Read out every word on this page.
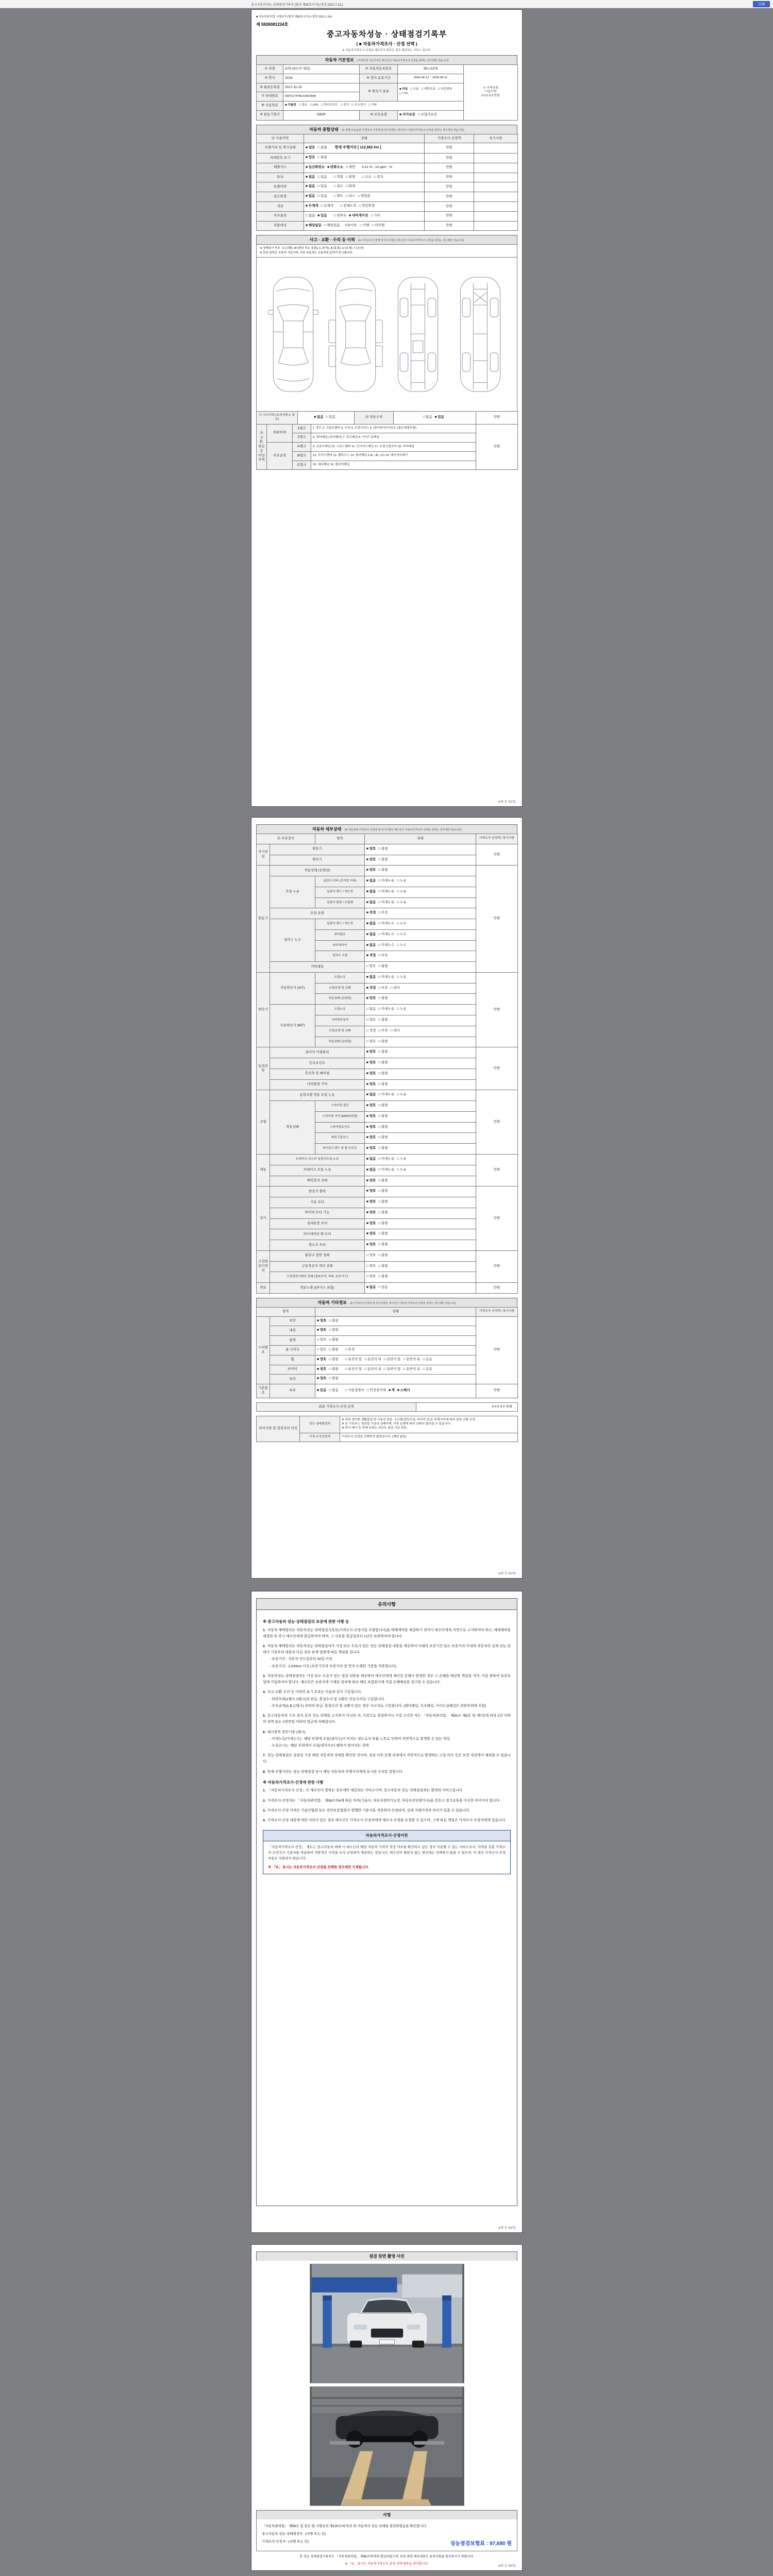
중고자동차성능·상태점검기록부 [별지 제82호서식] (개정 2021.7.13.)	인쇄
■ 자동차관리법 시행규칙 [별지 제82호서식] <개정 2021.1.19>
제 5926081234호
중고자동차성능 · 상태점검기록부
( ■ 자동차가격조사 · 산정 선택 )
※ 자동차가격조사·산정은 매수인이 원하는 경우 제공하는 서비스 입니다.
자동차 기본정보 (가격산정 기준가격은 매수인이 자동차가격조사·산정을 원하는 경우에만 적습니다)
① 차명	G70 (4도어 세단)	② 자동차등록번호	35누2279	⑪ 가격산정
기준가격
0 0 0 0 0 만원

③ 연식	2018	④ 검사 유효기간	2024-06-12 ~ 2026-06-11	
⑤ 최초등록일	2017-11-15	⑥ 변속기 종류	■ 자동 □ 수동 □ 세미오토 □ 무단변속□ 기타	
⑦ 차대번호	KMTG74TB2JU003596			
⑧ 사용연료	■ 가솔린 □ 경유 □ LPG □ 하이브리드 □ 전기 □ 수소전기 □ 기타			
⑨ 원동기형식	G6DP	⑩ 보증유형	■ 자가보증 □ 보험사보증	
자동차 종합상태 (※ 상태·주요옵션·가격조사·산정액 및 특기사항은 매수인이 자동차가격조사·산정을 원하는 경우에만 적습니다)
⑫ 사용이력	상태	가격조사·산정액	특기사항
주행거리 및 계기상태	■ 양호 □ 불량 현재 주행거리 [ 112,982 km ]	만원	
차대번호 표기	■ 양호 □ 불량	만원	
배출가스	■ 일산화탄소 ■ 탄화수소 □ 매연 0.21 % , 12 ppm , %	만원	
튜닝	■ 없음 □ 있음 □ 적법 □ 불법 □ 구조 □ 장치	만원	
특별이력	■ 없음 □ 있음 □ 침수 □ 화재	만원	
용도변경	■ 없음 □ 있음 □ 렌트 □ 리스 □ 영업용	만원	
색상	■ 무채색 □ 유채색 □ 전체도색 □ 색상변경	만원	
주요옵션	□ 없음 ■ 있음 □ 썬루프 ■ 네비게이션 □ 기타	만원	
리콜대상	■ 해당없음 □ 해당있음 리콜이행 : □ 이행 □ 미이행	만원	
사고 · 교환 · 수리 등 이력 (※ 가격조사·산정액 및 특기사항은 매수인이 자동차가격조사·산정을 원하는 경우에만 적습니다)
※ 상태표시 부호 : X (교환), W (판금 또는 용접), C (부식), A (흠집), U (요철), T (손상)
※ 하단 항목은 승용차 기준이며, 기타 자동차는 승용차에 준하여 표시합니다.
⑬ 사고이력 (유의사항 4. 참조)	■ 없음 □ 있음	⑭ 단순수리	□ 없음 ■ 있음	만원
⑮ 교환, 판금 등 이상 부위	외판부위	1랭크	1. 후드 2. 프론트휀더 3. 도어 4. 트렁크리드 5. 라디에이터서포트 (볼트체결부품)	만원
		2랭크	6. 쿼터패널 (리어휀더) 7. 루프패널 8. 사이드실패널	
	주요골격	A랭크	9. 프론트패널 10. 크로스멤버 11. 인사이드패널 17. 트렁크플로어 18. 리어패널	
		B랭크	12. 사이드멤버 13. 휠하우스 14. 필러패널 (□A, □B, □C) 19. 패키지트레이	
		C랭크	15. 대쉬패널 16. 플로어패널	
(4쪽 중 제1쪽)
자동차 세부상태 (※ 작동상태·가격조사·산정액 및 특기사항은 매수인이 자동차가격조사·산정을 원하는 경우에만 적습니다)
⑯ 주요장치		항목	상태	가격조사·산정액 / 특기사항
자기진단	원동기		■ 양호 □ 불량	만원
	변속기		■ 양호 □ 불량	
원동기	작동상태 (공회전)		■ 양호 □ 불량	만원
	오일 누유	실린더 커버 (로커암 커버)	■ 없음 □ 미세누유 □ 누유	
		실린더 헤드 / 개스킷	■ 없음 □ 미세누유 □ 누유	
		실린더 블록 / 오일팬	■ 없음 □ 미세누유 □ 누유	
	오일 유량		■ 적정 □ 부족	
	냉각수 누수	실린더 헤드 / 개스킷	■ 없음 □ 미세누수 □ 누수	
		워터펌프	■ 없음 □ 미세누수 □ 누수	
		라디에이터	■ 없음 □ 미세누수 □ 누수	
		냉각수 수량	■ 적정 □ 부족	
	커먼레일		□ 양호 □ 불량	
변속기	자동변속기 (A/T)	오일누유	■ 없음 □ 미세누유 □ 누유	만원
		오일유량 및 상태	■ 적정 □ 부족 □ 과다	
		작동상태 (공회전)	■ 양호 □ 불량	
	수동변속기 (M/T)	오일누유	□ 없음 □ 미세누유 □ 누유	
		기어변속장치	□ 양호 □ 불량	
		오일유량 및 상태	□ 적정 □ 부족 □ 과다	
		작동상태 (공회전)	□ 양호 □ 불량	
동력전달	클러치 어셈블리		■ 양호 □ 불량	만원
	등속조인트		■ 양호 □ 불량	
	추진축 및 베어링		■ 양호 □ 불량	
	디퍼렌셜 기어		■ 양호 □ 불량	
조향	동력조향 작동 오일 누유		■ 없음 □ 미세누유 □ 누유	만원
	작동상태	스티어링 펌프	■ 양호 □ 불량	
		스티어링 기어 (MDPS포함)	■ 양호 □ 불량	
		스티어링조인트	■ 양호 □ 불량	
		파워고압호스	■ 양호 □ 불량	
		타이로드엔드 및 볼 조인트	■ 양호 □ 불량	
제동	브레이크 마스터 실린더오일 누유		■ 없음 □ 미세누유 □ 누유	만원
	브레이크 오일 누유		■ 없음 □ 미세누유 □ 누유	
	배력장치 상태		■ 양호 □ 불량	
전기	발전기 출력		■ 양호 □ 불량	만원
	시동 모터		■ 양호 □ 불량	
	와이퍼 모터 기능		■ 양호 □ 불량	
	실내송풍 모터		■ 양호 □ 불량	
	라디에이터 팬 모터		■ 양호 □ 불량	
	윈도우 모터		■ 양호 □ 불량	
고전원 전기장치	충전구 절연 상태		□ 양호 □ 불량	만원
	구동축전지 격리 상태		□ 양호 □ 불량	
	고전원전기배선 상태 (접속단자, 피복, 보호기구)		□ 양호 □ 불량	
연료	연료누출 (LP가스 포함)		■ 없음 □ 있음	만원
자동차 기타정보 (※ 가격조사·산정액 및 특기사항은 매수인이 자동차가격조사·산정을 원하는 경우에만 적습니다)
항목		상태	가격조사·산정액 / 특기사항
수리필요	외장	■ 양호 □ 불량	만원
	내장	■ 양호 □ 불량	
	광택	□ 양호 □ 불량	
	룸 크리닝	□ 양호 □ 불량 □ 흔적	
	휠	■ 양호 □ 불량 □ 운전석 앞 □ 운전석 뒤 □ 동반석 앞 □ 동반석 뒤 □ 응급	
	타이어	■ 양호 □ 불량 □ 운전석 앞 □ 운전석 뒤 □ 동반석 앞 □ 동반석 뒤 □ 응급	
	유리	■ 양호 □ 불량	
기본품목	보유	■ 있음 □ 없음 □ 사용설명서 □ 안전삼각대 ■ 잭 ■ 스패너	만원
최종 가격조사·산정 금액	0 0 0 0 0 만원
특이사항 및 점검자의 의견	성능·상태점검자	※ 외판 경미한 생활흠집 및 사용감 있음. 소모품(엔진오일, 타이어 등)은 주행거리에 따라 점검·교환 요망.
※ 본 기록부는 점검일 기준의 상태이며, 이후 운행에 따라 상태가 달라질 수 있습니다.
※ 현가·배기 등 하체 부위는 리프트 점검 기준 양호.

	가격·조사산정자	가격조사·산정을 선택하지 않았습니다. (해당 없음)
(4쪽 중 제2쪽)
유의사항
※ 중고자동차 성능·상태점검의 보증에 관한 사항 등
1. 자동차 매매업자는 자동차성능·상태점검기록부(가격조사·산정서를 포함합니다)를 매매계약을 체결하기 전까지 매수인에게 서면으로 고지하여야 하고, 매매계약을 체결한 후 즉시 매수인에게 발급하여야 하며, 그 사본을 발급일부터 1년간 보관하여야 합니다.
2. 자동차 매매업자는 자동차성능·상태점검자가 거짓 또는 오류가 있는 성능·상태점검 내용을 제공하여 아래의 보증기간 또는 보증거리 이내에 자동차의 실제 성능·상태가 기록부의 내용과 다른 경우 관계 법령에 따른 책임을 집니다.
- 보증기간 : 자동차 인도일부터 30일 이상
- 보증거리 : 2,000km 이상 (보증기간과 보증거리 중 먼저 도래한 기준을 적용합니다)
3. 자동차성능·상태점검자는 거짓 또는 오류가 있는 점검 내용을 제공하여 매수인에게 재산상 손해가 발생한 경우 그 손해를 배상할 책임을 지며, 이를 위하여 보증보험에 가입하여야 합니다. 매수인은 보증서에 기재된 절차에 따라 해당 보험회사에 직접 손해배상을 청구할 수 있습니다.
4. 사고·교환·수리 등 이력의 표기 부호는 다음과 같이 구분합니다.
- 외판부위(1랭크·2랭크)의 판금, 용접수리 및 교환은 단순수리로 구분합니다.
- 주요골격(A·B·C랭크) 부위의 판금, 용접수리 및 교환이 있는 경우 사고차로 구분합니다. (쿼터패널, 루프패널, 사이드실패널은 외판부위에 포함)
5. 중고자동차의 구조·장치 등의 성능·상태를 고지하지 아니한 자, 거짓으로 점검하거나 거짓 고지한 자는 「자동차관리법」 제80조 제6호 및 제7호에 따라 2년 이하의 징역 또는 2천만원 이하의 벌금에 처해집니다.
6. 체크항목 판단기준 (예시)
- 미세누유(미세누수) : 해당 부위에 오일(냉각수)이 비치는 정도로서 부품 노후로 인하여 자연적으로 발생할 수 있는 현상
- 누유(누수) : 해당 부위에서 오일(냉각수)이 맺혀서 떨어지는 상태
7. 성능·상태점검은 점검일 기준 해당 자동차의 상태를 확인한 것이며, 점검 이후 운행 과정에서 자연적으로 발생하는 고장·마모 등은 보증 대상에서 제외될 수 있습니다.
8. 현재 주행거리는 성능·상태점검 당시 해당 자동차의 주행거리계에 표시된 수치를 말합니다.
※ 자동차가격조사·산정에 관한 사항
1. 「자동차가격조사·산정」은 매수인이 원하는 경우에만 제공되는 서비스이며, 중고자동차 성능·상태점검과는 별개의 서비스입니다.
2. 가격조사·산정자는 「자동차관리법」 제58조의4에 따른 자격(기술사, 자동차정비기능장, 자동차진단평가사)을 갖추고 정기교육을 이수한 자이어야 합니다.
3. 가격조사·산정 가격은 기술인협회 또는 진단보증협회가 발행한 기준서를 적용하여 산정되며, 실제 거래가격과 차이가 있을 수 있습니다.
4. 가격조사·산정 내용에 대한 이의가 있는 경우 매수인은 가격조사·산정자에게 재조사·산정을 요청할 수 있으며, 그에 따른 책임은 가격조사·산정자에게 있습니다.
자동차가격조사·산정이란
「자동차가격조사·산정」 제도는 중고자동차 매매 시 매수인이 해당 자동차 가격의 적정 여부를 확인하고 싶은 경우 이용할 수 있는 서비스로서, 자격을 갖춘 가격조사·산정자가 기준서를 적용하여 객관적인 가격을 조사·산정하여 제공하는 것입니다. 매수인이 원하지 않는 경우에는 선택하지 않을 수 있으며, 이 경우 가격조사·산정 비용은 지불하지 않습니다.
※ 「Ⅴ」 표시는 자동차가격조사·산정을 선택한 경우에만 기재됩니다.
(4쪽 중 제3쪽)
점검 장면 촬영 사진
서명
「자동차관리법」 제58조 및 같은 법 시행규칙 제120조에 따라 위 자동차의 성능·상태를 점검하였음을 확인합니다.
중고자동차 성능·상태점검자 : (서명 또는 인)
가격조사·산정자 : (서명 또는 인)	성능점검보험료 : 97,680 원
본 성능·상태점검기록부는 「자동차관리법」 제58조에 따라 발급되었으며, 보증 관련 세부내용은 유의사항을 참조하시기 바랍니다.
※ 「Ⅴ」 표시는 자동차가격조사·산정 선택 항목을 의미합니다.
(4쪽 중 제4쪽)
